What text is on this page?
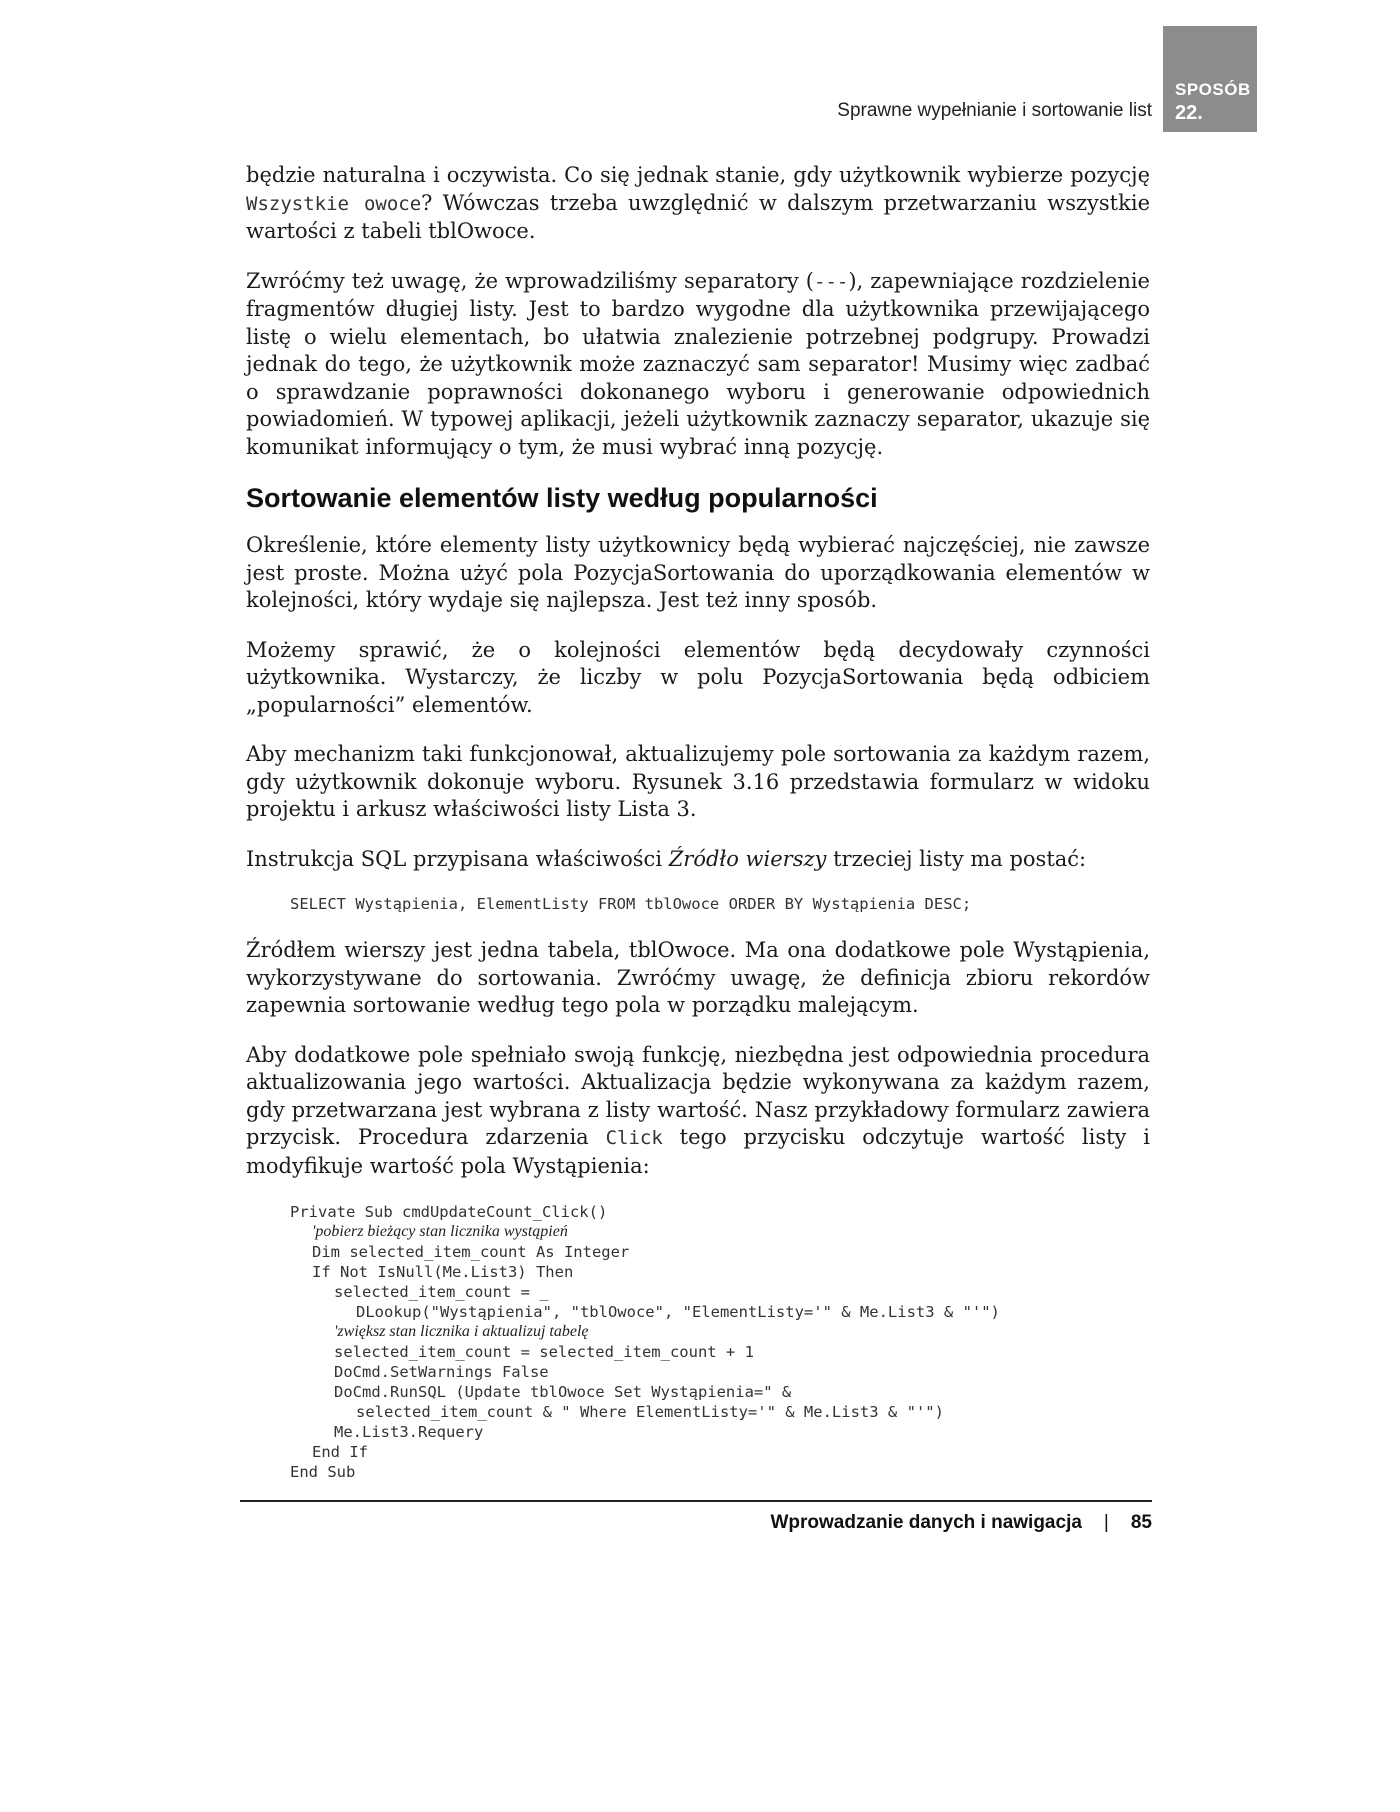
SPOSÓB
22.
Sprawne wypełnianie i sortowanie list

będzie naturalna i oczywista. Co się jednak stanie, gdy użytkownik wybierze pozycję Wszystkie owoce? Wówczas trzeba uwzględnić w dalszym przetwarzaniu wszystkie wartości z tabeli tblOwoce.

Zwróćmy też uwagę, że wprowadziliśmy separatory (---), zapewniające rozdzielenie fragmentów długiej listy. Jest to bardzo wygodne dla użytkownika przewijającego listę o wielu elementach, bo ułatwia znalezienie potrzebnej podgrupy. Prowadzi jednak do tego, że użytkownik może zaznaczyć sam separator! Musimy więc zadbać o sprawdzanie poprawności dokonanego wyboru i generowanie odpowiednich powiadomień. W typowej aplikacji, jeżeli użytkownik zaznaczy separator, ukazuje się komunikat informujący o tym, że musi wybrać inną pozycję.

Sortowanie elementów listy według popularności

Określenie, które elementy listy użytkownicy będą wybierać najczęściej, nie zawsze jest proste. Można użyć pola PozycjaSortowania do uporządkowania elementów w kolejności, który wydaje się najlepsza. Jest też inny sposób.

Możemy sprawić, że o kolejności elementów będą decydowały czynności użytkownika. Wystarczy, że liczby w polu PozycjaSortowania będą odbiciem „popularności” elementów.

Aby mechanizm taki funkcjonował, aktualizujemy pole sortowania za każdym razem, gdy użytkownik dokonuje wyboru. Rysunek 3.16 przedstawia formularz w widoku projektu i arkusz właściwości listy Lista 3.

Instrukcja SQL przypisana właściwości Źródło wierszy trzeciej listy ma postać:

SELECT Wystąpienia, ElementListy FROM tblOwoce ORDER BY Wystąpienia DESC;

Źródłem wierszy jest jedna tabela, tblOwoce. Ma ona dodatkowe pole Wystąpienia, wykorzystywane do sortowania. Zwróćmy uwagę, że definicja zbioru rekordów zapewnia sortowanie według tego pola w porządku malejącym.

Aby dodatkowe pole spełniało swoją funkcję, niezbędna jest odpowiednia procedura aktualizowania jego wartości. Aktualizacja będzie wykonywana za każdym razem, gdy przetwarzana jest wybrana z listy wartość. Nasz przykładowy formularz zawiera przycisk. Procedura zdarzenia Click tego przycisku odczytuje wartość listy i modyfikuje wartość pola Wystąpienia:

Private Sub cmdUpdateCount_Click()
'pobierz bieżący stan licznika wystąpień
Dim selected_item_count As Integer
If Not IsNull(Me.List3) Then
selected_item_count = _
DLookup("Wystąpienia", "tblOwoce", "ElementListy='" & Me.List3 & "'")
'zwiększ stan licznika i aktualizuj tabelę
selected_item_count = selected_item_count + 1
DoCmd.SetWarnings False
DoCmd.RunSQL (Update tblOwoce Set Wystąpienia=" &
selected_item_count & " Where ElementListy='" & Me.List3 & "'")
Me.List3.Requery
End If
End Sub
Wprowadzanie danych i nawigacja | 85
